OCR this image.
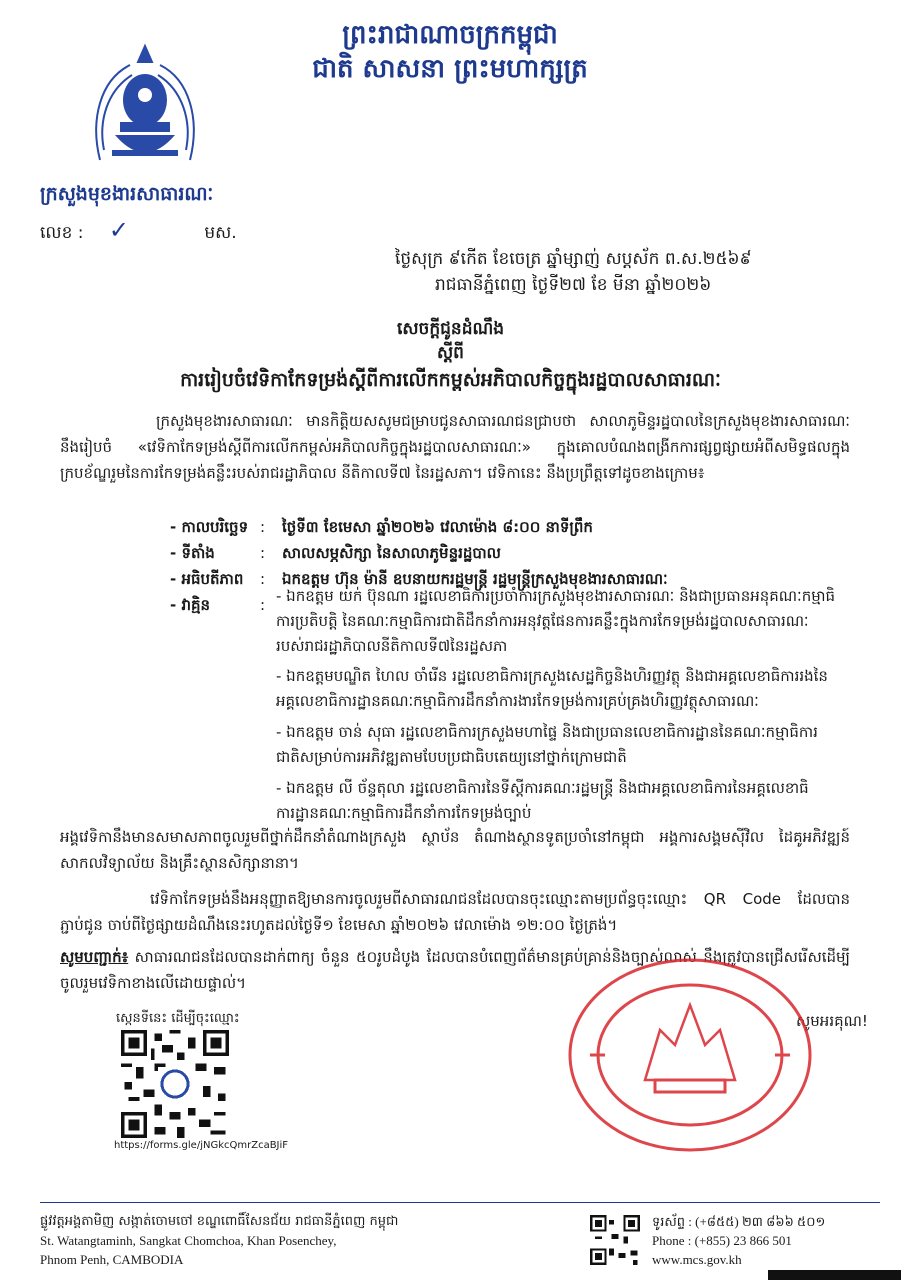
ព្រះរាជាណាចក្រកម្ពុជា
ជាតិ សាសនា ព្រះមហាក្សត្រ
ក្រសួងមុខងារសាធារណៈ
លេខ : ✓	មស.
ថ្ងៃសុក្រ ៩កើត ខែចេត្រ ឆ្នាំម្សាញ់ សប្តស័ក ព.ស.២៥៦៩
រាជធានីភ្នំពេញ ថ្ងៃទី២៧ ខែ មីនា ឆ្នាំ២០២៦
សេចក្តីជូនដំណឹង
ស្តីពី
ការរៀបចំវេទិកាកែទម្រង់ស្តីពីការលើកកម្ពស់អភិបាលកិច្ចក្នុងរដ្ឋបាលសាធារណៈ
ក្រសួងមុខងារសាធារណៈ មានកិត្តិយសសូមជម្រាបជូនសាធារណជនជ្រាបថា សាលាភូមិន្ទរដ្ឋបាលនៃក្រសួងមុខងារសាធារណៈ នឹងរៀបចំ «វេទិកាកែទម្រង់ស្តីពីការលើកកម្ពស់អភិបាលកិច្ចក្នុងរដ្ឋបាលសាធារណៈ» ក្នុងគោលបំណងពង្រីកការផ្សព្វផ្សាយអំពីសមិទ្ធផលក្នុងក្របខ័ណ្ឌរួមនៃការកែទម្រង់គន្លឹះរបស់រាជរដ្ឋាភិបាល នីតិកាលទី៧ នៃរដ្ឋសភា។ វេទិកានេះ នឹងប្រព្រឹត្តទៅដូចខាងក្រោម៖
- កាលបរិច្ឆេទ : ថ្ងៃទី៣ ខែមេសា ឆ្នាំ២០២៦ វេលាម៉ោង ៨:០០ នាទីព្រឹក
- ទីតាំង	: សាលសម្ភសិក្សា នៃសាលាភូមិន្ទរដ្ឋបាល
- អធិបតីភាព : ឯកឧត្តម ហ៊ុន ម៉ានី ឧបនាយករដ្ឋមន្រ្តី រដ្ឋមន្រ្តីក្រសួងមុខងារសាធារណៈ
- វាគ្មិន	: - ឯកឧត្តម យក់ ប៊ុនណា រដ្ឋលេខាធិការប្រចាំការក្រសួងមុខងារសាធារណៈ និងជាប្រធានអនុគណៈកម្មាធិការប្រតិបត្តិ នៃគណៈកម្មាធិការជាតិដឹកនាំការអនុវត្តផែនការគន្លឹះក្នុងការកែទម្រង់រដ្ឋបាលសាធារណៈរបស់រាជរដ្ឋាភិបាលនីតិកាលទី៧នៃរដ្ឋសភា
- ឯកឧត្តមបណ្ឌិត ហៃល ចាំរើន រដ្ឋលេខាធិការក្រសួងសេដ្ឋកិច្ចនិងហិរញ្ញវត្ថុ និងជាអគ្គលេខាធិការរងនៃអគ្គលេខាធិការដ្ឋានគណៈកម្មាធិការដឹកនាំការងារកែទម្រង់ការគ្រប់គ្រងហិរញ្ញវត្ថុសាធារណៈ
- ឯកឧត្តម ចាន់ សុធា រដ្ឋលេខាធិការក្រសួងមហាផ្ទៃ និងជាប្រធានលេខាធិការដ្ឋាននៃគណៈកម្មាធិការជាតិសម្រាប់ការអភិវឌ្ឍតាមបែបប្រជាធិបតេយ្យនៅថ្នាក់ក្រោមជាតិ
- ឯកឧត្តម លី ច័ន្ទតុលា រដ្ឋលេខាធិការនៃទីស្តីការគណៈរដ្ឋមន្ត្រី និងជាអគ្គលេខាធិការនៃអគ្គលេខាធិការដ្ឋានគណៈកម្មាធិការដឹកនាំការកែទម្រង់ច្បាប់
អង្គវេទិកានឹងមានសមាសភាពចូលរួមពីថ្នាក់ដឹកនាំតំណាងក្រសួង ស្ថាប័ន តំណាងស្ថានទូតប្រចាំនៅកម្ពុជា អង្គការសង្គមស៊ីវិល ដៃគូអភិវឌ្ឍន៍ សាកលវិទ្យាល័យ និងគ្រឹះស្ថានសិក្សានានា។
វេទិកាកែទម្រង់នឹងអនុញ្ញាតឱ្យមានការចូលរួមពីសាធារណជនដែលបានចុះឈ្មោះតាមប្រព័ន្ធចុះឈ្មោះ QR Code ដែលបានភ្ជាប់ជូន ចាប់ពីថ្ងៃផ្សាយដំណឹងនេះរហូតដល់ថ្ងៃទី១ ខែមេសា ឆ្នាំ២០២៦ វេលាម៉ោង ១២:០០ ថ្ងៃត្រង់។
សូមបញ្ជាក់៖ សាធារណជនដែលបានដាក់ពាក្យ ចំនួន ៥០រូបដំបូង ដែលបានបំពេញព័ត៌មានគ្រប់គ្រាន់និងច្បាស់លាស់ នឹងត្រូវបានជ្រើសរើសដើម្បីចូលរួមវេទិកាខាងលើដោយផ្ទាល់។
សូមអរគុណ!
ស្កេនទីនេះ ដើម្បីចុះឈ្មោះ
https://forms.gle/jNGkcQmrZcaBJiF
ផ្លូវវត្តអង្គតាមិញ សង្កាត់ចោមចៅ ខណ្ឌពោធិ៍សែនជ័យ រាជធានីភ្នំពេញ កម្ពុជា
St. Watangtaminh, Sangkat Chomchoa, Khan Posenchey,
Phnom Penh, CAMBODIA
ទូរស័ព្ទ : (+៨៥៥) ២៣ ៨៦៦ ៥០១
Phone : (+855) 23 866 501
www.mcs.gov.kh
